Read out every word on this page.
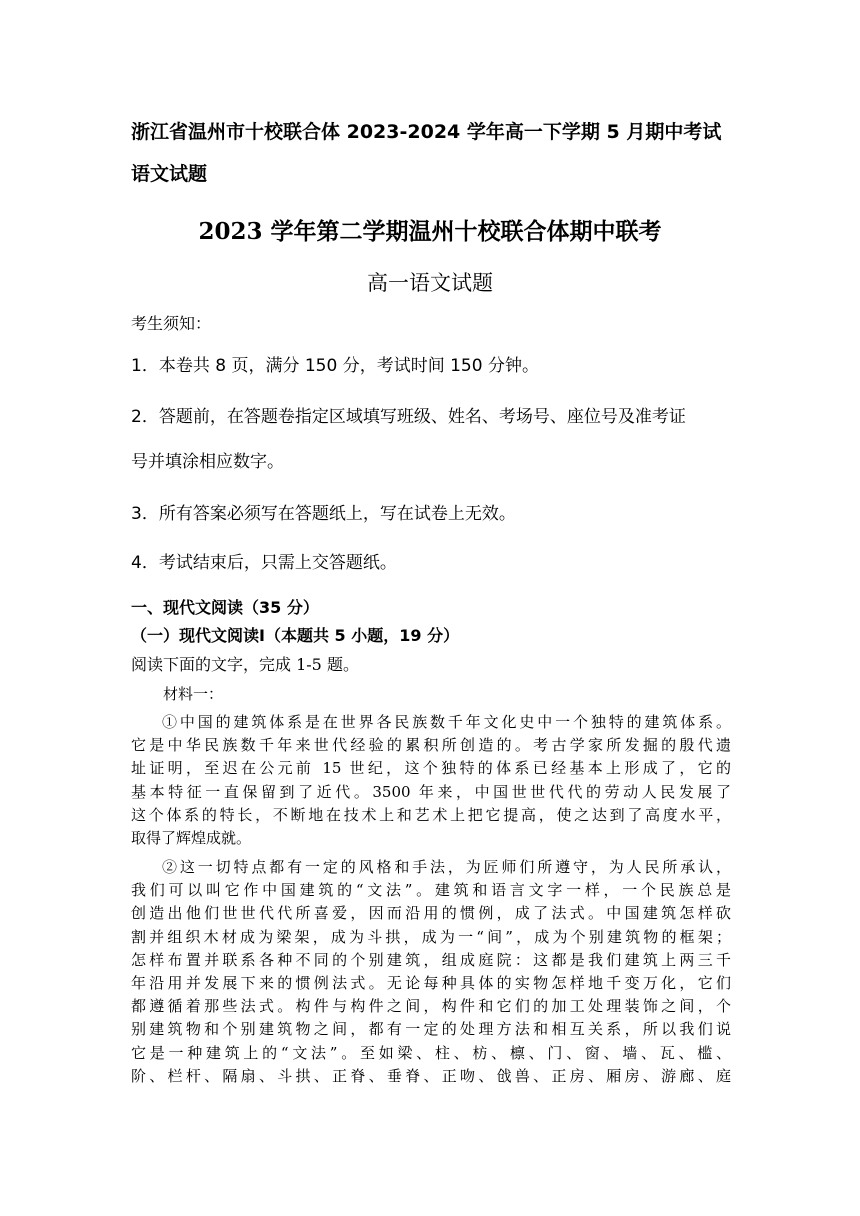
浙江省温州市十校联合体 2023-2024 学年高一下学期 5 月期中考试
语文试题
2023 学年第二学期温州十校联合体期中联考
高一语文试题
考生须知：
1．本卷共 8 页，满分 150 分，考试时间 150 分钟。
2．答题前，在答题卷指定区域填写班级、姓名、考场号、座位号及准考证
号并填涂相应数字。
3．所有答案必须写在答题纸上，写在试卷上无效。
4．考试结束后，只需上交答题纸。
一、现代文阅读（35 分）
（一）现代文阅读Ⅰ（本题共 5 小题，19 分）
阅读下面的文字，完成 1-5 题。
材料一：
①中国的建筑体系是在世界各民族数千年文化史中一个独特的建筑体系。
它是中华民族数千年来世代经验的累积所创造的。考古学家所发掘的殷代遗
址证明，至迟在公元前 15 世纪，这个独特的体系已经基本上形成了，它的
基本特征一直保留到了近代。3500 年来，中国世世代代的劳动人民发展了
这个体系的特长，不断地在技术上和艺术上把它提高，使之达到了高度水平，
取得了辉煌成就。
②这一切特点都有一定的风格和手法，为匠师们所遵守，为人民所承认，
我们可以叫它作中国建筑的“文法”。建筑和语言文字一样，一个民族总是
创造出他们世世代代所喜爱，因而沿用的惯例，成了法式。中国建筑怎样砍
割并组织木材成为梁架，成为斗拱，成为一“间”，成为个别建筑物的框架；
怎样布置并联系各种不同的个别建筑，组成庭院：这都是我们建筑上两三千
年沿用并发展下来的惯例法式。无论每种具体的实物怎样地千变万化，它们
都遵循着那些法式。构件与构件之间，构件和它们的加工处理装饰之间，个
别建筑物和个别建筑物之间，都有一定的处理方法和相互关系，所以我们说
它是一种建筑上的“文法”。至如梁、柱、枋、檩、门、窗、墙、瓦、槛、
阶、栏杆、隔扇、斗拱、正脊、垂脊、正吻、戗兽、正房、厢房、游廊、庭
